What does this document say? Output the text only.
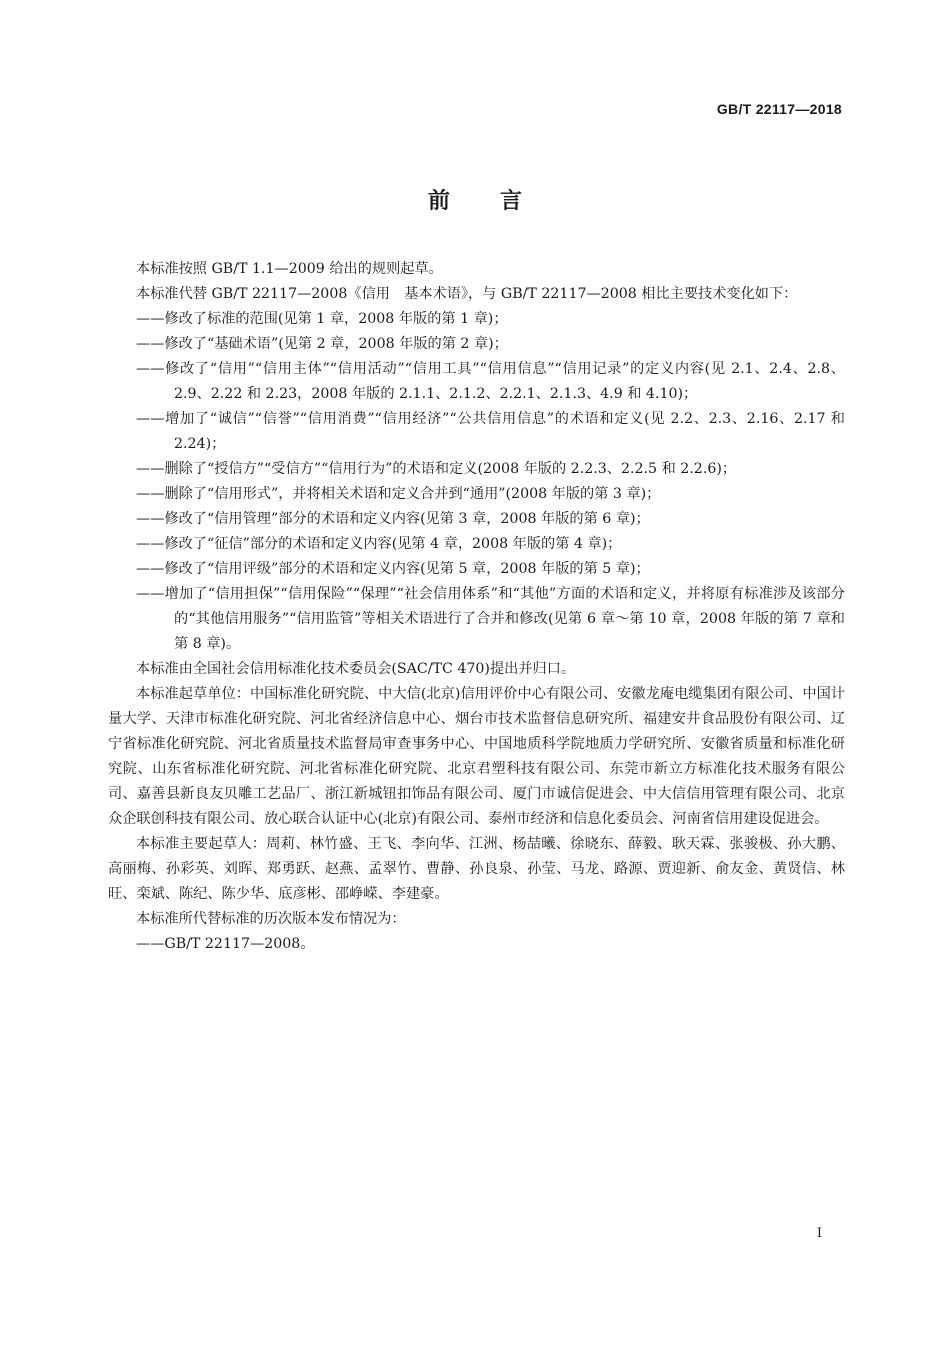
GB/T 22117—2018
前 言

本标准按照 GB/T 1.1—2009 给出的规则起草。

本标准代替 GB/T 22117—2008《信用　基本术语》，与 GB/T 22117—2008 相比主要技术变化如下：

——修改了标准的范围(见第 1 章，2008 年版的第 1 章)；

——修改了“基础术语”(见第 2 章，2008 年版的第 2 章)；

——修改了“信用”“信用主体”“信用活动”“信用工具”“信用信息”“信用记录”的定义内容(见 2.1、2.4、2.8、2.9、2.22 和 2.23，2008 年版的 2.1.1、2.1.2、2.2.1、2.1.3、4.9 和 4.10)；

——增加了“诚信”“信誉”“信用消费”“信用经济”“公共信用信息”的术语和定义(见 2.2、2.3、2.16、2.17 和 2.24)；

——删除了“授信方”“受信方”“信用行为”的术语和定义(2008 年版的 2.2.3、2.2.5 和 2.2.6)；

——删除了“信用形式”，并将相关术语和定义合并到“通用”(2008 年版的第 3 章)；

——修改了“信用管理”部分的术语和定义内容(见第 3 章，2008 年版的第 6 章)；

——修改了“征信”部分的术语和定义内容(见第 4 章，2008 年版的第 4 章)；

——修改了“信用评级”部分的术语和定义内容(见第 5 章，2008 年版的第 5 章)；

——增加了“信用担保”“信用保险”“保理”“社会信用体系”和“其他”方面的术语和定义，并将原有标准涉及该部分的“其他信用服务”“信用监管”等相关术语进行了合并和修改(见第 6 章～第 10 章，2008 年版的第 7 章和第 8 章)。

本标准由全国社会信用标准化技术委员会(SAC/TC 470)提出并归口。

本标准起草单位：中国标准化研究院、中大信(北京)信用评价中心有限公司、安徽龙庵电缆集团有限公司、中国计量大学、天津市标准化研究院、河北省经济信息中心、烟台市技术监督信息研究所、福建安井食品股份有限公司、辽宁省标准化研究院、河北省质量技术监督局审查事务中心、中国地质科学院地质力学研究所、安徽省质量和标准化研究院、山东省标准化研究院、河北省标准化研究院、北京君塑科技有限公司、东莞市新立方标准化技术服务有限公司、嘉善县新良友贝雕工艺品厂、浙江新城钮扣饰品有限公司、厦门市诚信促进会、中大信信用管理有限公司、北京众企联创科技有限公司、放心联合认证中心(北京)有限公司、泰州市经济和信息化委员会、河南省信用建设促进会。

本标准主要起草人：周莉、林竹盛、王飞、李向华、江洲、杨喆曦、徐晓东、薛毅、耿天霖、张骏极、孙大鹏、高丽梅、孙彩英、刘晖、郑勇跃、赵燕、孟翠竹、曹静、孙良泉、孙莹、马龙、路源、贾迎新、俞友金、黄贤信、林旺、栾斌、陈纪、陈少华、底彦彬、邵峥嵘、李建豪。

本标准所代替标准的历次版本发布情况为：

——GB/T 22117—2008。

I
